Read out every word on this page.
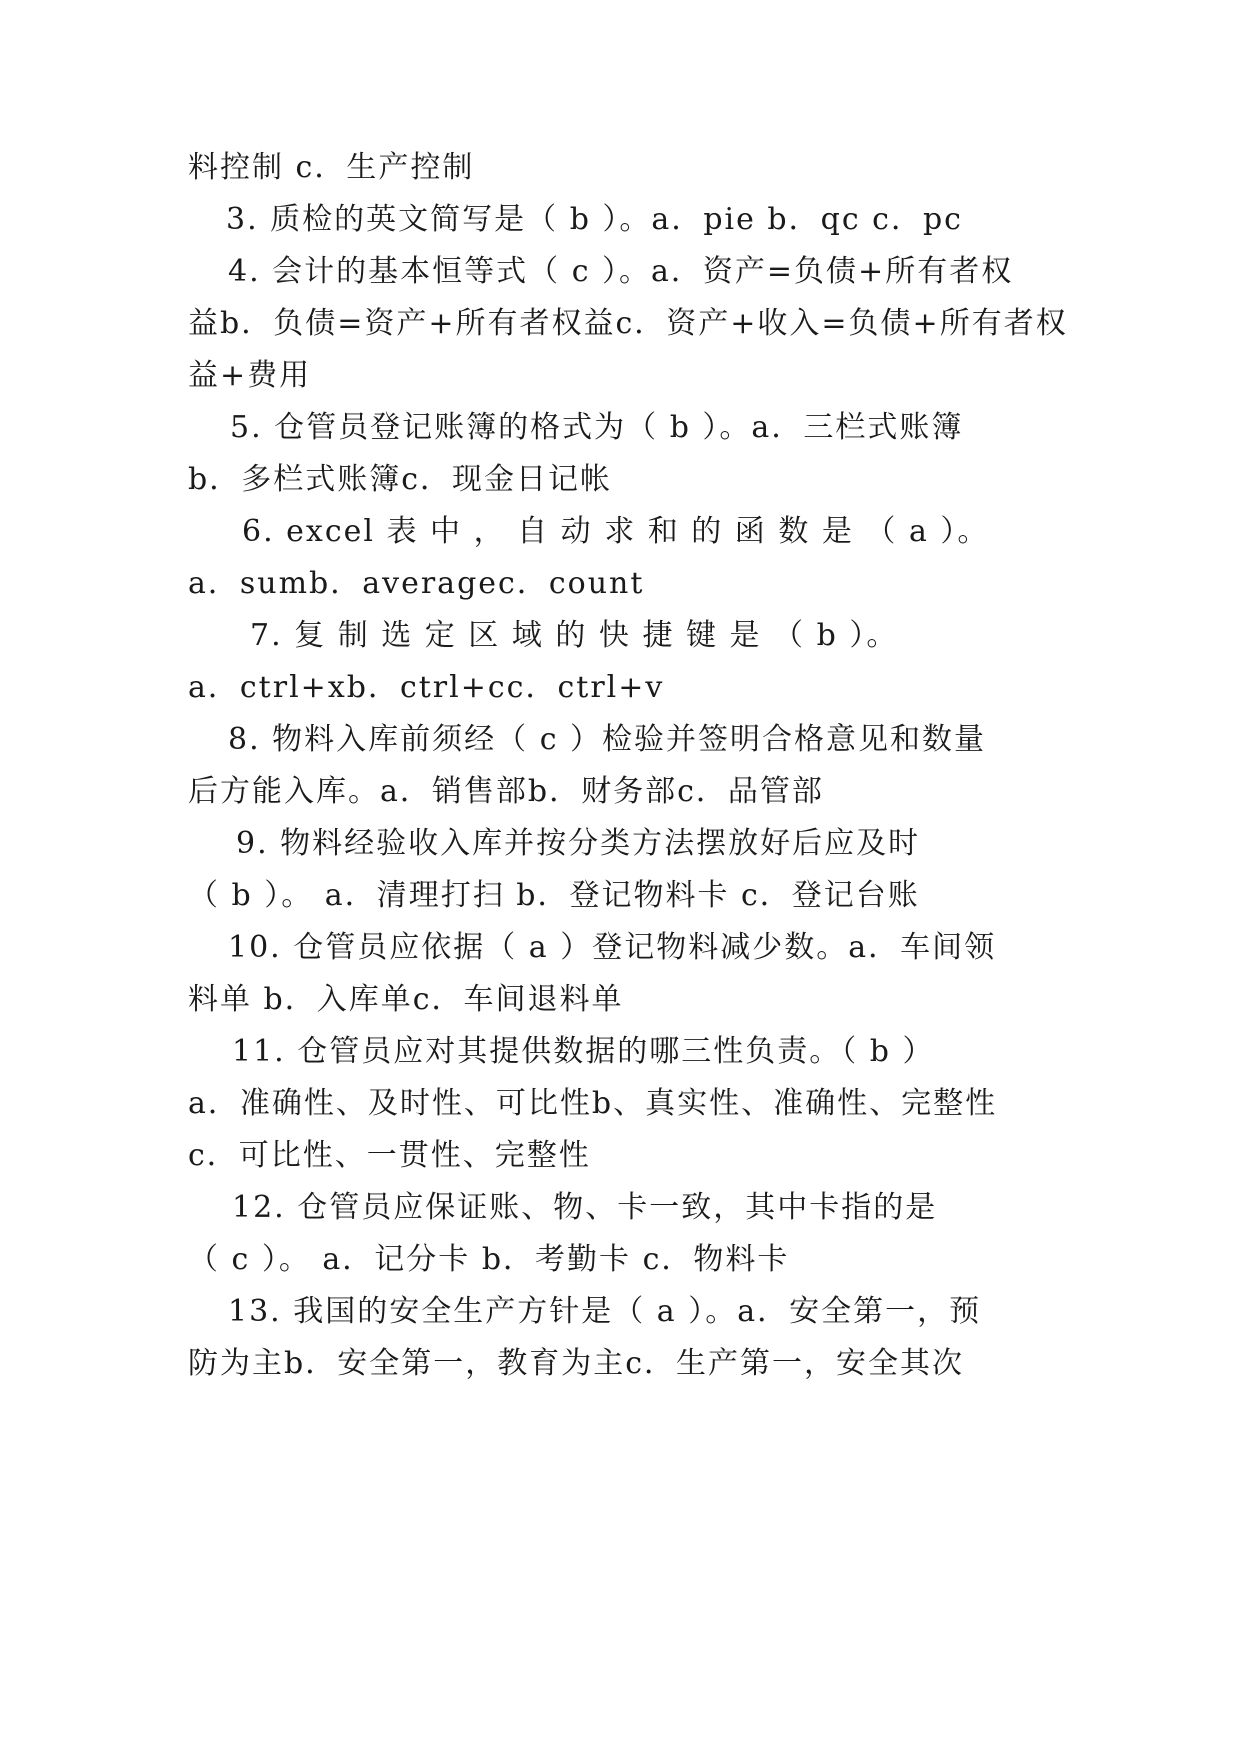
料控制 c．生产控制
3. 质检的英文简写是（ b ）。a．pie b．qc c．pc
4. 会计的基本恒等式（ c ）。a．资产=负债+所有者权
益b．负债=资产+所有者权益c．资产+收入=负债+所有者权
益+费用
5. 仓管员登记账簿的格式为（ b ）。a．三栏式账簿
b．多栏式账簿c．现金日记帐
6. excel 表 中 ， 自 动 求 和 的 函 数 是 （ a ）。
a．sumb．averagec．count
7. 复 制 选 定 区 域 的 快 捷 键 是 （ b ）。
a．ctrl+xb．ctrl+cc．ctrl+v
8. 物料入库前须经（ c ）检验并签明合格意见和数量
后方能入库。a．销售部b．财务部c．品管部
9. 物料经验收入库并按分类方法摆放好后应及时
（ b ）。 a．清理打扫 b．登记物料卡 c．登记台账
10. 仓管员应依据（ a ）登记物料减少数。a．车间领
料单 b．入库单c．车间退料单
11. 仓管员应对其提供数据的哪三性负责。（ b ）
a．准确性、及时性、可比性b、真实性、准确性、完整性
c．可比性、一贯性、完整性
12. 仓管员应保证账、物、卡一致，其中卡指的是
（ c ）。 a．记分卡 b．考勤卡 c．物料卡
13. 我国的安全生产方针是（ a ）。a．安全第一，预
防为主b．安全第一，教育为主c．生产第一，安全其次
